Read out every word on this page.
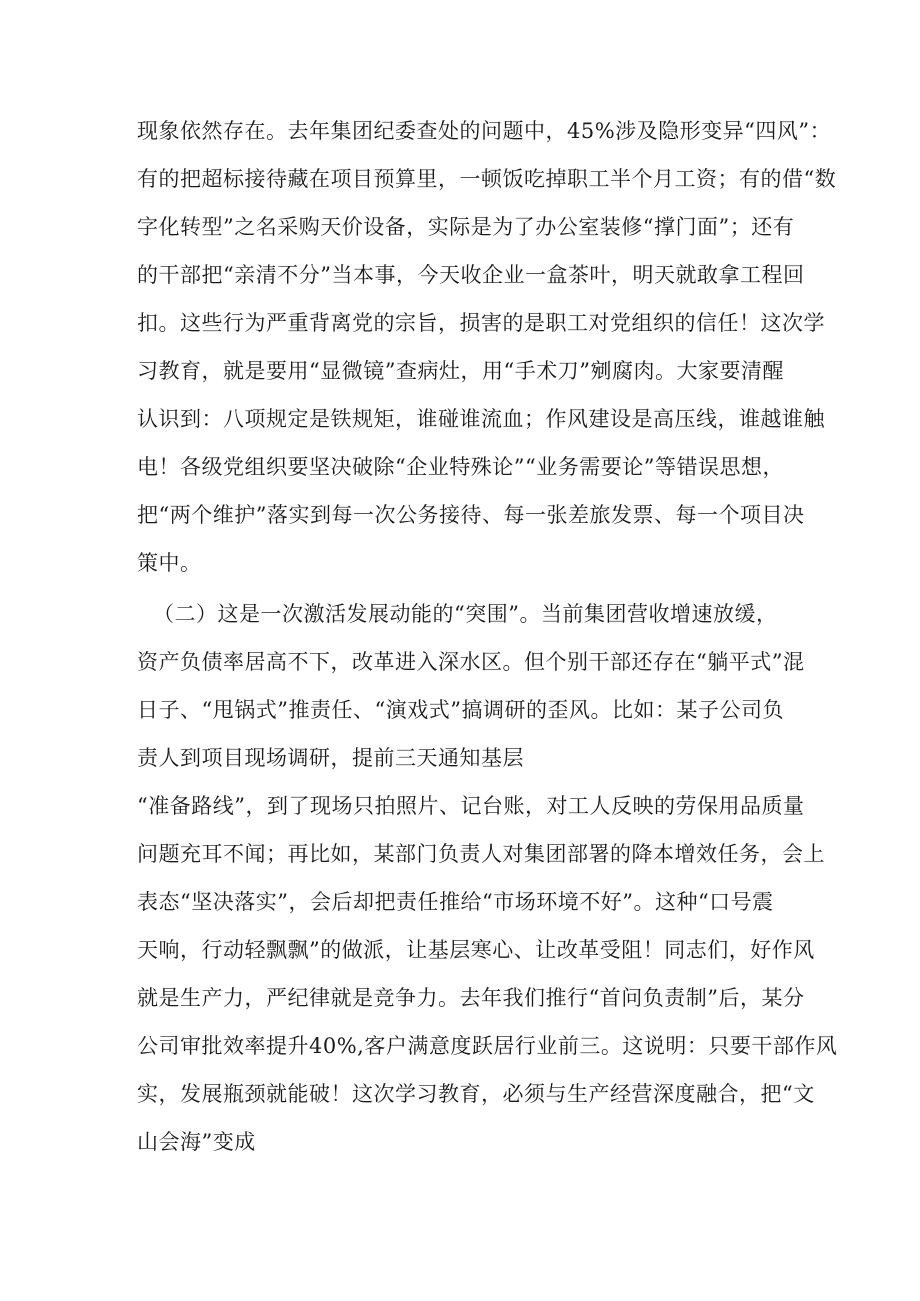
现象依然存在。去年集团纪委查处的问题中，45%涉及隐形变异“四风”：
有的把超标接待藏在项目预算里，一顿饭吃掉职工半个月工资；有的借“数
字化转型”之名采购天价设备，实际是为了办公室装修“撑门面”；还有
的干部把“亲清不分”当本事，今天收企业一盒茶叶，明天就敢拿工程回
扣。这些行为严重背离党的宗旨，损害的是职工对党组织的信任！这次学
习教育，就是要用“显微镜”查病灶，用“手术刀”剜腐肉。大家要清醒
认识到：八项规定是铁规矩，谁碰谁流血；作风建设是高压线，谁越谁触
电！各级党组织要坚决破除“企业特殊论”“业务需要论”等错误思想，
把“两个维护”落实到每一次公务接待、每一张差旅发票、每一个项目决
策中。
（二）这是一次激活发展动能的“突围”。当前集团营收增速放缓，
资产负债率居高不下，改革进入深水区。但个别干部还存在“躺平式”混
日子、“甩锅式”推责任、“演戏式”搞调研的歪风。比如：某子公司负
责人到项目现场调研，提前三天通知基层
“准备路线”，到了现场只拍照片、记台账，对工人反映的劳保用品质量
问题充耳不闻；再比如，某部门负责人对集团部署的降本增效任务，会上
表态“坚决落实”，会后却把责任推给“市场环境不好”。这种“口号震
天响，行动轻飘飘”的做派，让基层寒心、让改革受阻！同志们，好作风
就是生产力，严纪律就是竞争力。去年我们推行“首问负责制”后，某分
公司审批效率提升40%,客户满意度跃居行业前三。这说明：只要干部作风
实，发展瓶颈就能破！这次学习教育，必须与生产经营深度融合，把“文
山会海”变成
